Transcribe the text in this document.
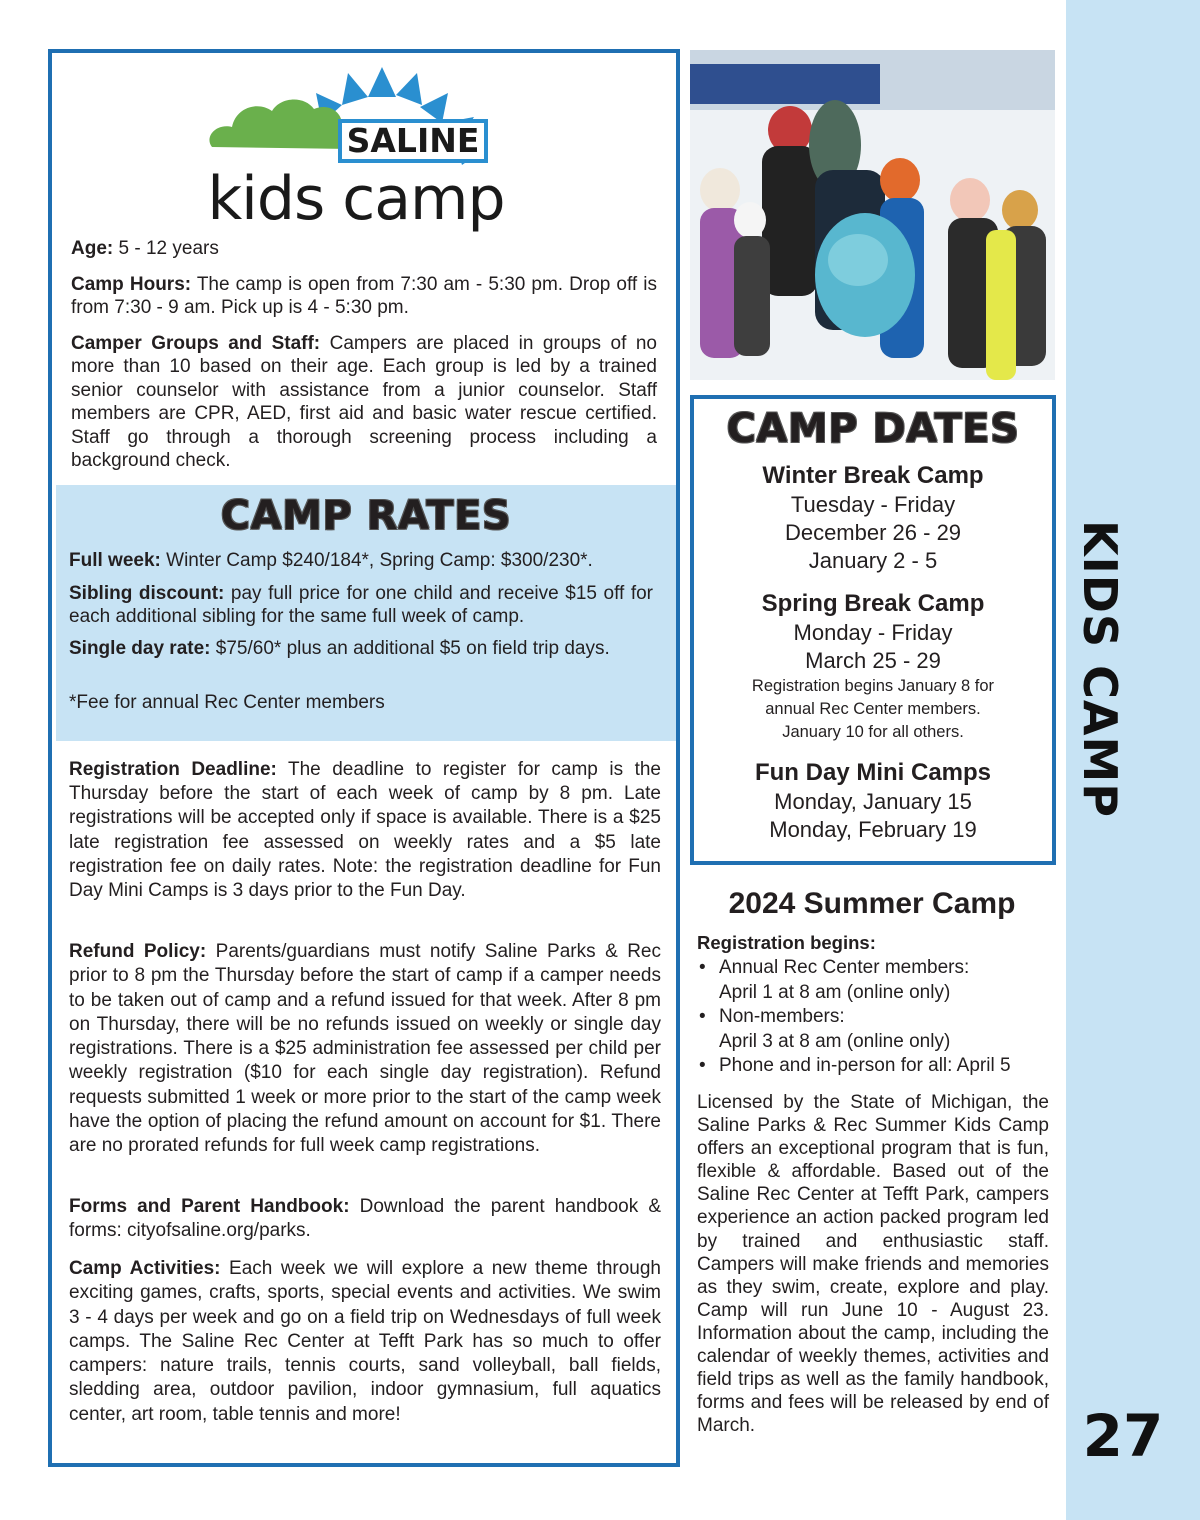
KIDS CAMP
27
SALINE
kids camp
Age: 5 - 12 years
Camp Hours: The camp is open from 7:30 am - 5:30 pm. Drop off is from 7:30 - 9 am. Pick up is 4 - 5:30 pm.
Camper Groups and Staff: Campers are placed in groups of no more than 10 based on their age. Each group is led by a trained senior counselor with assistance from a junior counselor. Staff members are CPR, AED, first aid and basic water rescue certified. Staff go through a thorough screening process including a background check.
CAMP RATES
Full week: Winter Camp $240/184*, Spring Camp: $300/230*.
Sibling discount: pay full price for one child and receive $15 off for each additional sibling for the same full week of camp.
Single day rate: $75/60* plus an additional $5 on field trip days.
*Fee for annual Rec Center members
Registration Deadline: The deadline to register for camp is the Thursday before the start of each week of camp by 8 pm. Late registrations will be accepted only if space is available. There is a $25 late registration fee assessed on weekly rates and a $5 late registration fee on daily rates. Note: the registration deadline for Fun Day Mini Camps is 3 days prior to the Fun Day.
Refund Policy: Parents/guardians must notify Saline Parks & Rec prior to 8 pm the Thursday before the start of camp if a camper needs to be taken out of camp and a refund issued for that week. After 8 pm on Thursday, there will be no refunds issued on weekly or single day registrations. There is a $25 administration fee assessed per child per weekly registration ($10 for each single day registration). Refund requests submitted 1 week or more prior to the start of the camp week have the option of placing the refund amount on account for $1. There are no prorated refunds for full week camp registrations.
Forms and Parent Handbook: Download the parent handbook & forms: cityofsaline.org/parks.
Camp Activities: Each week we will explore a new theme through exciting games, crafts, sports, special events and activities. We swim 3 - 4 days per week and go on a field trip on Wednesdays of full week camps. The Saline Rec Center at Tefft Park has so much to offer campers: nature trails, tennis courts, sand volleyball, ball fields, sledding area, outdoor pavilion, indoor gymnasium, full aquatics center, art room, table tennis and more!
CAMP DATES
Winter Break Camp
Tuesday - Friday
December 26 - 29
January 2 - 5
Spring Break Camp
Monday - Friday
March 25 - 29
Registration begins January 8 for
annual Rec Center members.
January 10 for all others.
Fun Day Mini Camps
Monday, January 15
Monday, February 19
2024 Summer Camp
Registration begins:
• Annual Rec Center members:
April 1 at 8 am (online only)
• Non-members:
April 3 at 8 am (online only)
• Phone and in-person for all: April 5
Licensed by the State of Michigan, the Saline Parks & Rec Summer Kids Camp offers an exceptional program that is fun, flexible & affordable. Based out of the Saline Rec Center at Tefft Park, campers experience an action packed program led by trained and enthusiastic staff. Campers will make friends and memories as they swim, create, explore and play. Camp will run June 10 - August 23. Information about the camp, including the calendar of weekly themes, activities and field trips as well as the family handbook, forms and fees will be released by end of March.
